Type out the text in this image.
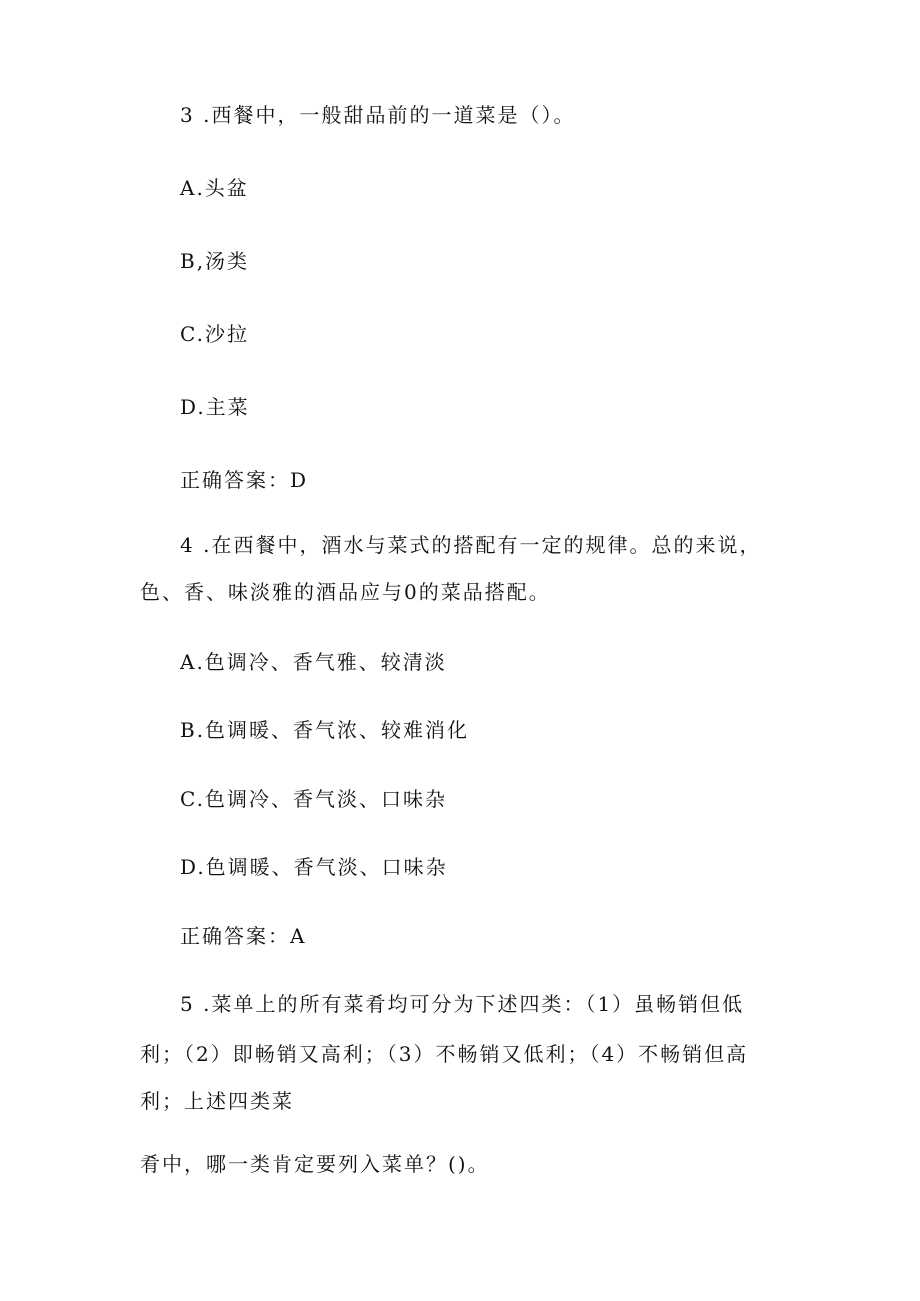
3 .西餐中，一般甜品前的一道菜是（）。
A.头盆
B,汤类
C.沙拉
D.主菜
正确答案：D
4 .在西餐中，酒水与菜式的搭配有一定的规律。总的来说，
色、香、味淡雅的酒品应与0的菜品搭配。
A.色调冷、香气雅、较清淡
B.色调暖、香气浓、较难消化
C.色调冷、香气淡、口味杂
D.色调暖、香气淡、口味杂
正确答案：A
5 .菜单上的所有菜肴均可分为下述四类：（1）虽畅销但低
利；（2）即畅销又高利；（3）不畅销又低利；（4）不畅销但高
利；上述四类菜
肴中，哪一类肯定要列入菜单？()。
